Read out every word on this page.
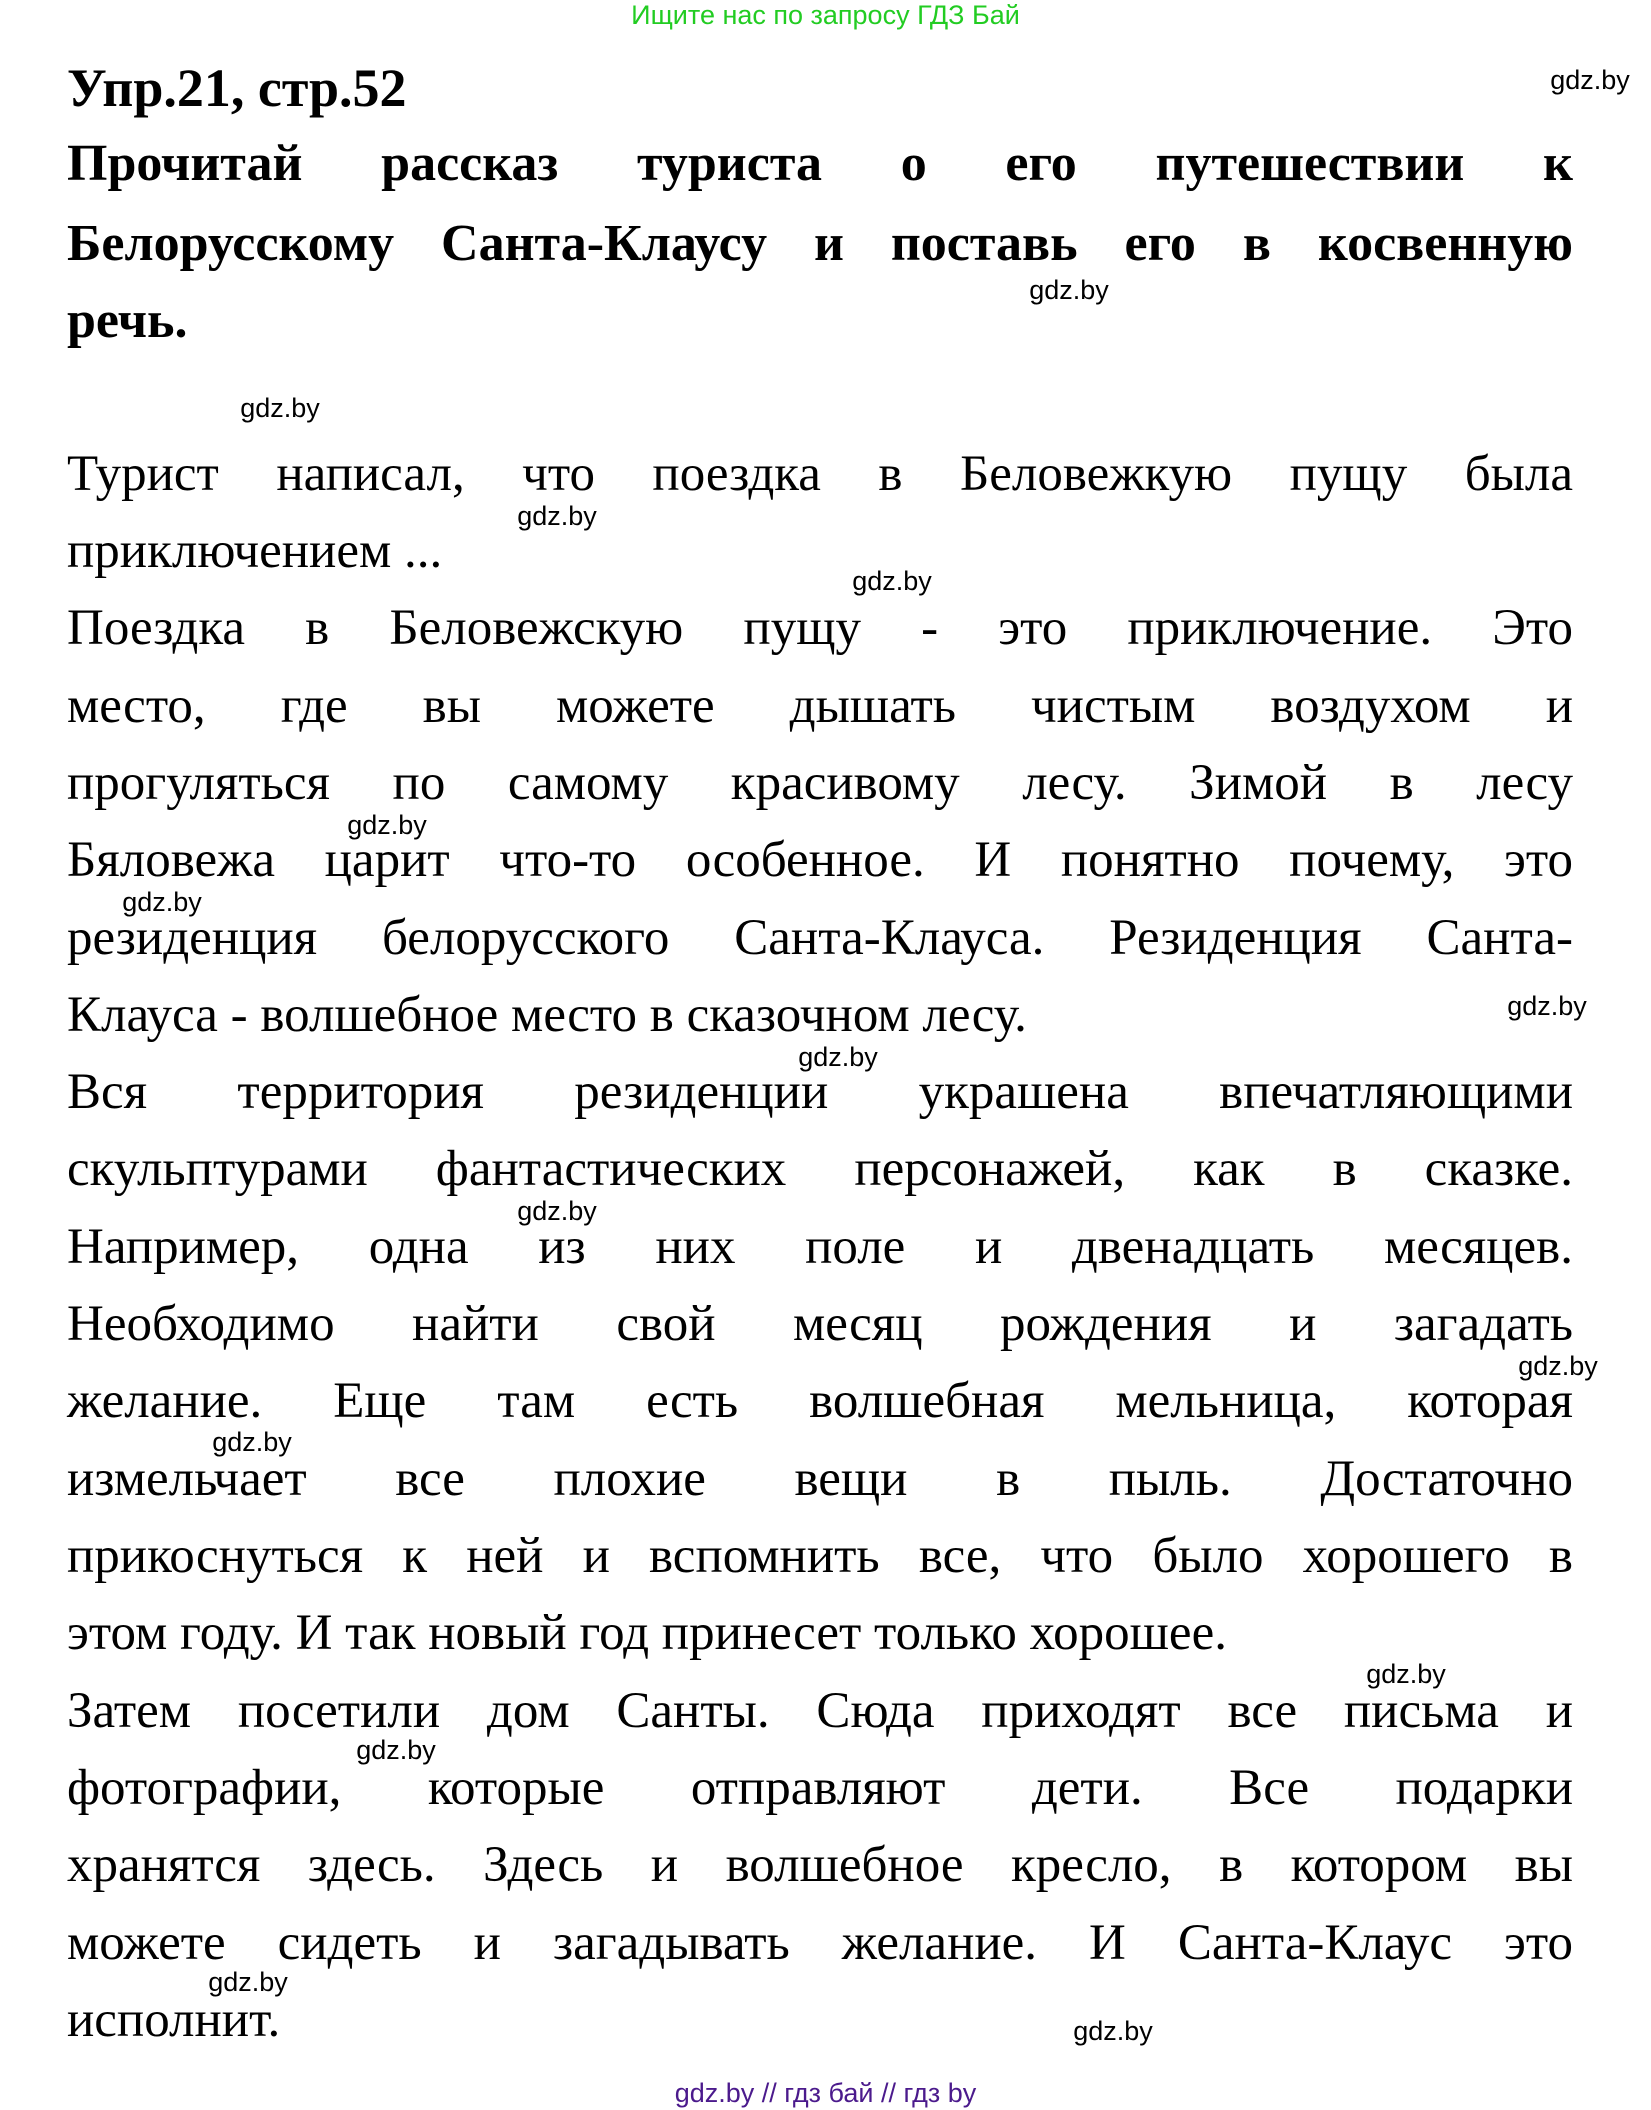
Ищите нас по запросу ГДЗ Бай
Упр.21, стр.52
Прочитай рассказ туриста о его путешествии к
Белорусскому Санта-Клаусу и поставь его в косвенную
речь.
Турист написал, что поездка в Беловежкую пущу была
приключением ...
Поездка в Беловежскую пущу - это приключение. Это
место, где вы можете дышать чистым воздухом и
прогуляться по самому красивому лесу. Зимой в лесу
Бяловежа царит что-то особенное. И понятно почему, это
резиденция белорусского Санта-Клауса. Резиденция Санта-
Клауса - волшебное место в сказочном лесу.
Вся территория резиденции украшена впечатляющими
скульптурами фантастических персонажей, как в сказке.
Например, одна из них поле и двенадцать месяцев.
Необходимо найти свой месяц рождения и загадать
желание. Еще там есть волшебная мельница, которая
измельчает все плохие вещи в пыль. Достаточно
прикоснуться к ней и вспомнить все, что было хорошего в
этом году. И так новый год принесет только хорошее.
Затем посетили дом Санты. Сюда приходят все письма и
фотографии, которые отправляют дети. Все подарки
хранятся здесь. Здесь и волшебное кресло, в котором вы
можете сидеть и загадывать желание. И Санта-Клаус это
исполнит.
gdz.by
gdz.by
gdz.by
gdz.by
gdz.by
gdz.by
gdz.by
gdz.by
gdz.by
gdz.by
gdz.by
gdz.by
gdz.by
gdz.by
gdz.by
gdz.by
gdz.by // гдз бай // гдз by
